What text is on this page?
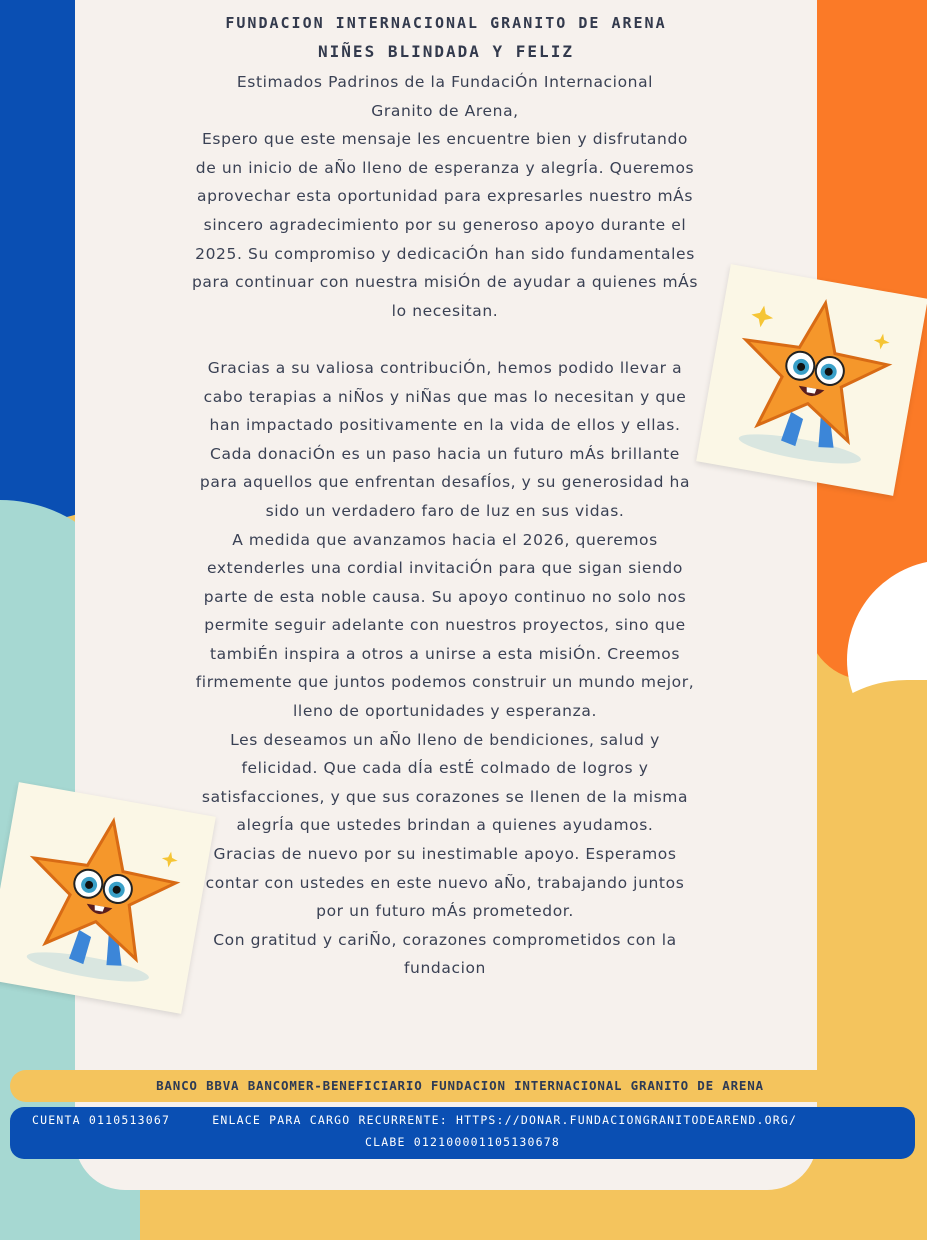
FUNDACION INTERNACIONAL GRANITO DE ARENA
NIÑES BLINDADA Y FELIZ

Estimados Padrinos de la FundaciÓn Internacional

Granito de Arena,

Espero que este mensaje les encuentre bien y disfrutando de un inicio de aÑo lleno de esperanza y alegrÍa. Queremos aprovechar esta oportunidad para expresarles nuestro mÁs sincero agradecimiento por su generoso apoyo durante el 2025. Su compromiso y dedicaciÓn han sido fundamentales para continuar con nuestra misiÓn de ayudar a quienes mÁs lo necesitan.

Gracias a su valiosa contribuciÓn, hemos podido llevar a cabo terapias a niÑos y niÑas que mas lo necesitan y que han impactado positivamente en la vida de ellos y ellas. Cada donaciÓn es un paso hacia un futuro mÁs brillante para aquellos que enfrentan desafÍos, y su generosidad ha sido un verdadero faro de luz en sus vidas.

A medida que avanzamos hacia el 2026, queremos extenderles una cordial invitaciÓn para que sigan siendo parte de esta noble causa. Su apoyo continuo no solo nos permite seguir adelante con nuestros proyectos, sino que tambiÉn inspira a otros a unirse a esta misiÓn. Creemos firmemente que juntos podemos construir un mundo mejor, lleno de oportunidades y esperanza.

Les deseamos un aÑo lleno de bendiciones, salud y felicidad. Que cada dÍa estÉ colmado de logros y satisfacciones, y que sus corazones se llenen de la misma alegrÍa que ustedes brindan a quienes ayudamos.

Gracias de nuevo por su inestimable apoyo. Esperamos contar con ustedes en este nuevo aÑo, trabajando juntos por un futuro mÁs prometedor.

Con gratitud y cariÑo, corazones comprometidos con la fundacion

BANCO BBVA BANCOMER-BENEFICIARIO FUNDACION INTERNACIONAL GRANITO DE ARENA
CUENTA 0110513067	ENLACE PARA CARGO RECURRENTE: HTTPS://DONAR.FUNDACIONGRANITODEAREND.ORG/
CLABE 012100001105130678
